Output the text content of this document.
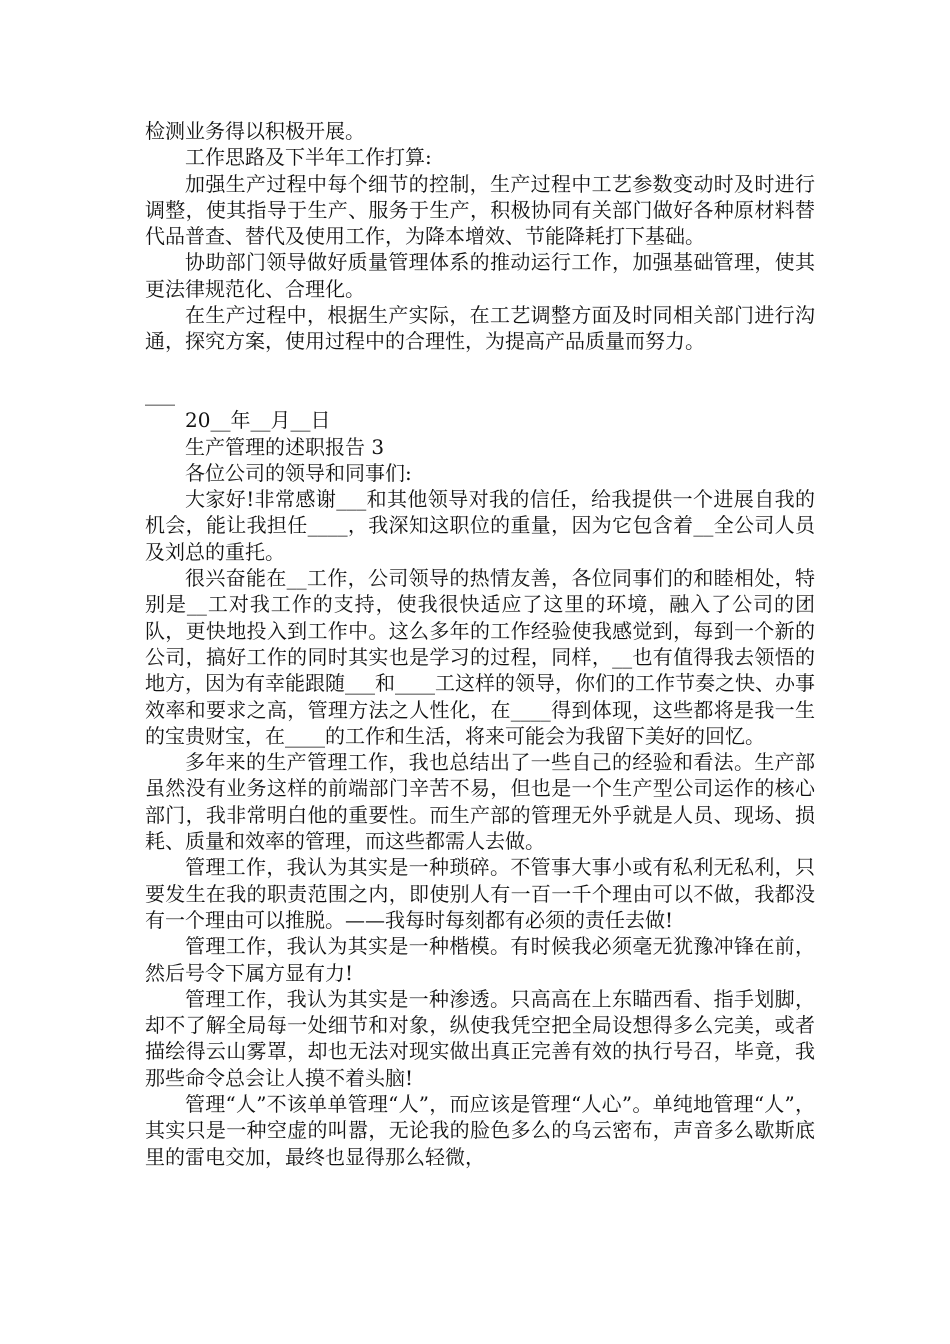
检测业务得以积极开展。

工作思路及下半年工作打算:

加强生产过程中每个细节的控制，生产过程中工艺参数变动时及时进行调整，使其指导于生产、服务于生产，积极协同有关部门做好各种原材料替代品普查、替代及使用工作，为降本增效、节能降耗打下基础。

协助部门领导做好质量管理体系的推动运行工作，加强基础管理，使其更法律规范化、合理化。

在生产过程中，根据生产实际，在工艺调整方面及时同相关部门进行沟通，探究方案，使用过程中的合理性，为提高产品质量而努力。

___

20__年__月__日

生产管理的述职报告 3

各位公司的领导和同事们:

大家好!非常感谢___和其他领导对我的信任，给我提供一个进展自我的机会，能让我担任____，我深知这职位的重量，因为它包含着__全公司人员及刘总的重托。

很兴奋能在__工作，公司领导的热情友善，各位同事们的和睦相处，特别是__工对我工作的支持，使我很快适应了这里的环境，融入了公司的团队，更快地投入到工作中。这么多年的工作经验使我感觉到，每到一个新的公司，搞好工作的同时其实也是学习的过程，同样，__也有值得我去领悟的地方，因为有幸能跟随___和____工这样的领导，你们的工作节奏之快、办事效率和要求之高，管理方法之人性化，在____得到体现，这些都将是我一生的宝贵财宝，在____的工作和生活，将来可能会为我留下美好的回忆。

多年来的生产管理工作，我也总结出了一些自己的经验和看法。生产部虽然没有业务这样的前端部门辛苦不易，但也是一个生产型公司运作的核心部门，我非常明白他的重要性。而生产部的管理无外乎就是人员、现场、损耗、质量和效率的管理，而这些都需人去做。

管理工作，我认为其实是一种琐碎。不管事大事小或有私利无私利，只要发生在我的职责范围之内，即使别人有一百一千个理由可以不做，我都没有一个理由可以推脱。——我每时每刻都有必须的责任去做!

管理工作，我认为其实是一种楷模。有时候我必须毫无犹豫冲锋在前，然后号令下属方显有力!

管理工作，我认为其实是一种渗透。只高高在上东瞄西看、指手划脚，却不了解全局每一处细节和对象，纵使我凭空把全局设想得多么完美，或者描绘得云山雾罩，却也无法对现实做出真正完善有效的执行号召，毕竟，我那些命令总会让人摸不着头脑!

管理“人”不该单单管理“人”，而应该是管理“人心”。单纯地管理“人”，其实只是一种空虚的叫嚣，无论我的脸色多么的乌云密布，声音多么歇斯底里的雷电交加，最终也显得那么轻微，
